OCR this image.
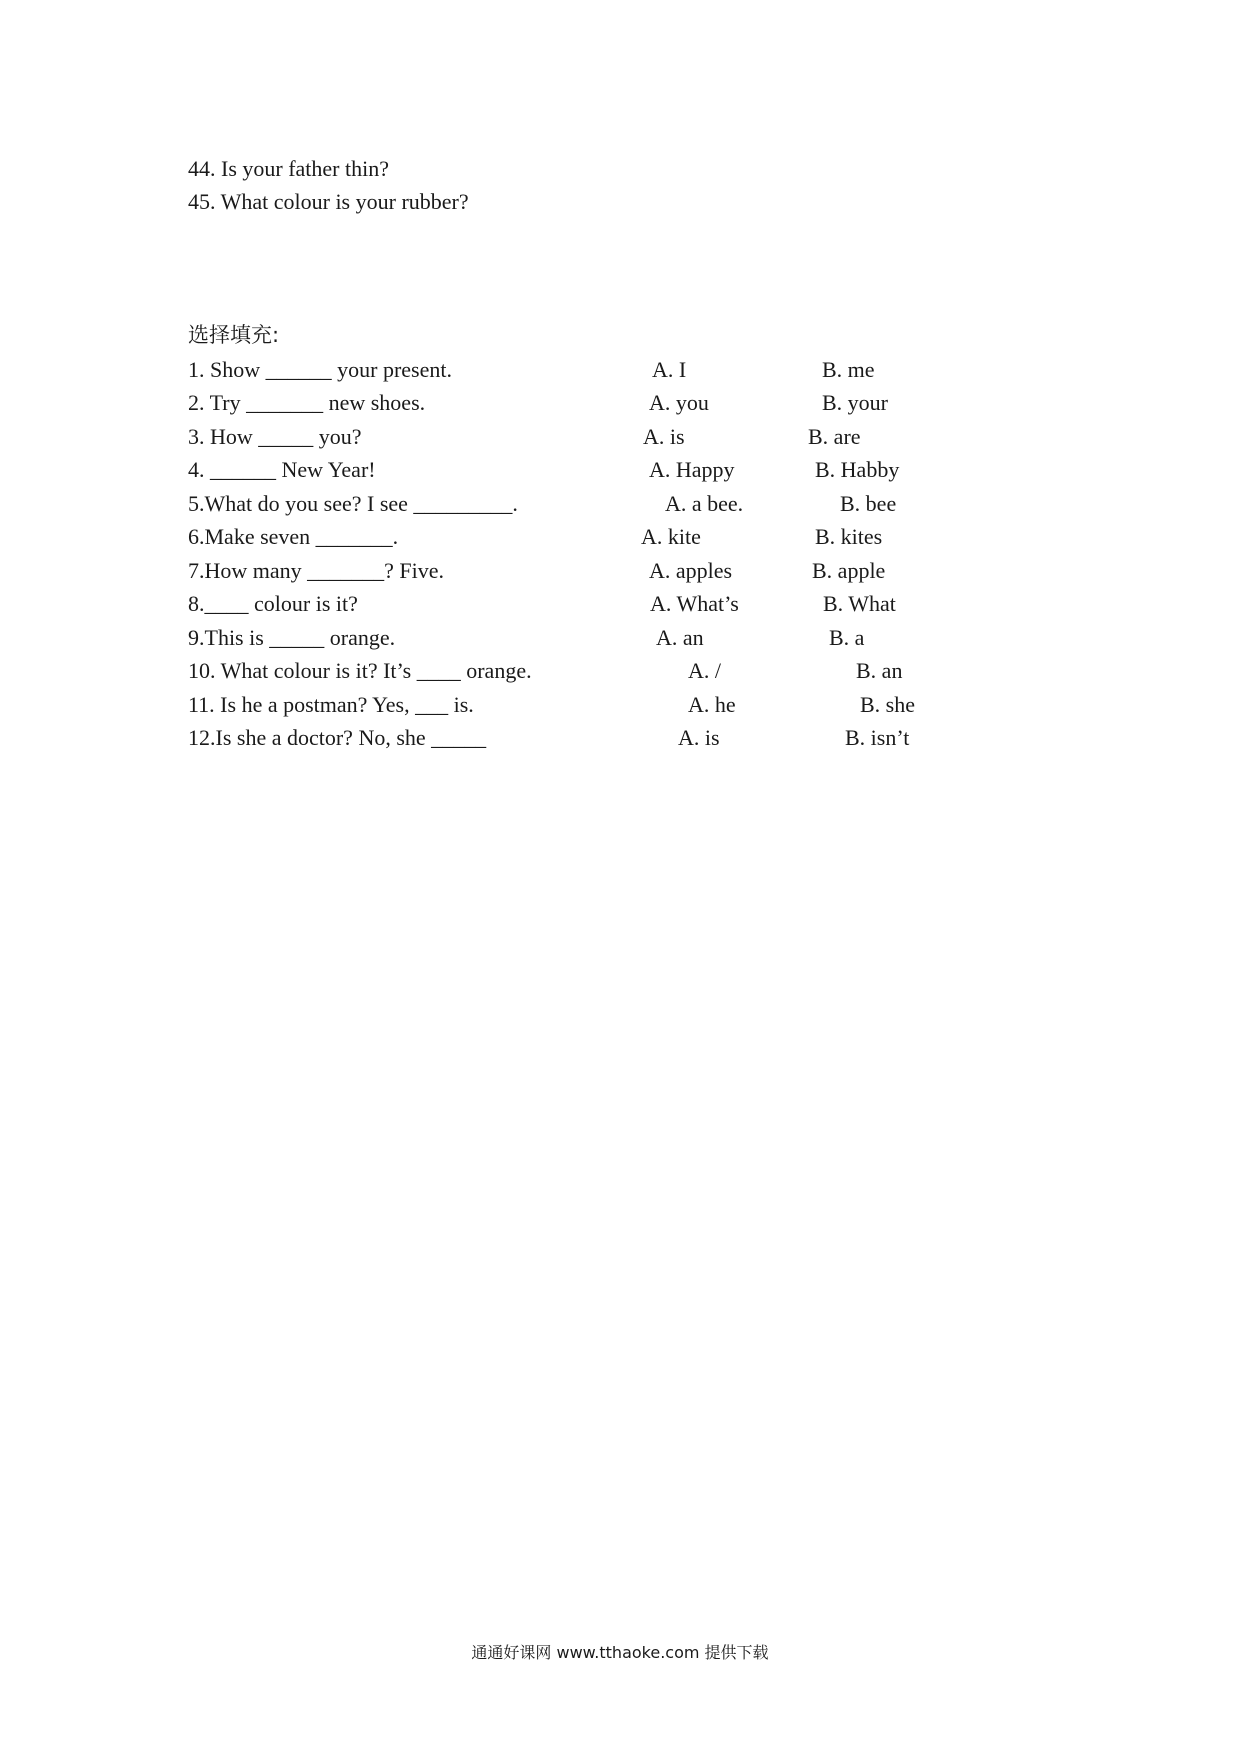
44. Is your father thin?
45. What colour is your rubber?
选择填充:
1. Show ______ your present.	A. I	B. me
2. Try _______ new shoes.	A. you	B. your
3. How _____ you?	A. is	B. are
4. ______ New Year!	A. Happy	B. Habby
5.What do you see? I see _________.	A. a bee.	B. bee
6.Make seven _______.	A. kite	B. kites
7.How many _______? Five.	A. apples	B. apple
8.____ colour is it?	A. What’s	B. What
9.This is _____ orange.	A. an	B. a
10. What colour is it? It’s ____ orange.	A. /	B. an
11. Is he a postman? Yes, ___ is.	A. he	B. she
12.Is she a doctor? No, she _____	A. is	B. isn’t
通通好课网 www.tthaoke.com 提供下载
